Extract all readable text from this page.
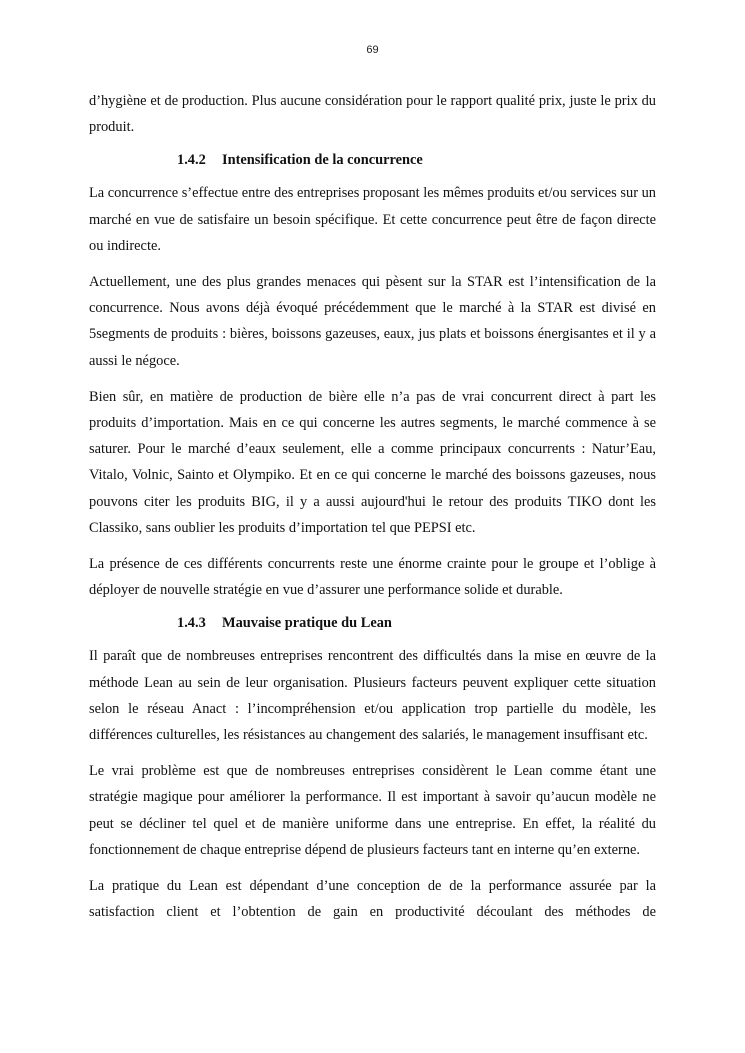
69

d’hygiène et de production. Plus aucune considération pour le rapport qualité prix, juste le prix du produit.

1.4.2 Intensification de la concurrence

La concurrence s’effectue entre des entreprises proposant les mêmes produits et/ou services sur un marché en vue de satisfaire un besoin spécifique. Et cette concurrence peut être de façon directe ou indirecte.

Actuellement, une des plus grandes menaces qui pèsent sur la STAR est l’intensification de la concurrence. Nous avons déjà évoqué précédemment que le marché à la STAR est divisé en 5segments de produits : bières, boissons gazeuses, eaux, jus plats et boissons énergisantes et il y a aussi le négoce.

Bien sûr, en matière de production de bière elle n’a pas de vrai concurrent direct à part les produits d’importation. Mais en ce qui concerne les autres segments, le marché commence à se saturer. Pour le marché d’eaux seulement, elle a comme principaux concurrents : Natur’Eau, Vitalo, Volnic, Sainto et Olympiko. Et en ce qui concerne le marché des boissons gazeuses, nous pouvons citer les produits BIG, il y a aussi aujourd'hui le retour des produits TIKO dont les Classiko, sans oublier les produits d’importation tel que PEPSI etc.

La présence de ces différents concurrents reste une énorme crainte pour le groupe et l’oblige à déployer de nouvelle stratégie en vue d’assurer une performance solide et durable.

1.4.3 Mauvaise pratique du Lean

Il paraît que de nombreuses entreprises rencontrent des difficultés dans la mise en œuvre de la méthode Lean au sein de leur organisation. Plusieurs facteurs peuvent expliquer cette situation selon le réseau Anact : l’incompréhension et/ou application trop partielle du modèle, les différences culturelles, les résistances au changement des salariés, le management insuffisant etc.

Le vrai problème est que de nombreuses entreprises considèrent le Lean comme étant une stratégie magique pour améliorer la performance. Il est important à savoir qu’aucun modèle ne peut se décliner tel quel et de manière uniforme dans une entreprise. En effet, la réalité du fonctionnement de chaque entreprise dépend de plusieurs facteurs tant en interne qu’en externe.

La pratique du Lean est dépendant d’une conception de de la performance assurée par la satisfaction client et l’obtention de gain en productivité découlant des méthodes de
